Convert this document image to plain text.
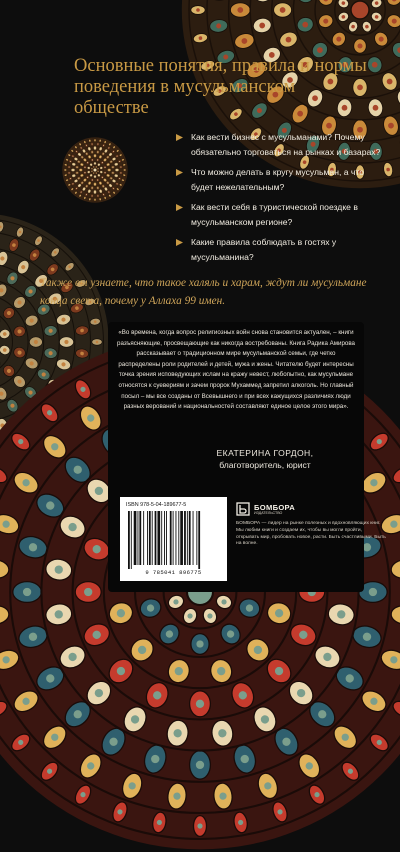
Основные понятия, правила и нормы поведения в мусульманском обществе
Как вести бизнес с мусульманами? Почему обязательно торговаться на рынках и базарах?
Что можно делать в кругу мусульман, а что будет нежелательным?
Как вести себя в туристической поездке в мусульманском регионе?
Какие правила соблюдать в гостях у мусульманина?
Также вы узнаете, что такое халяль и харам, ждут ли мусульмане конца света, почему у Аллаха 99 имен.

«Во времена, когда вопрос религиозных войн снова становится актуален, – книги разъясняющие, просвещающие как никогда востребованы. Книга Радика Амирова рассказывает о традиционном мире мусульманской семьи, где четко распределены роли родителей и детей, мужа и жены. Читателю будет интересны точка зрения исповедующих ислам на кражу невест, любопытно, как мусульмане относятся к суевериям и зачем пророк Мухаммед запретил алкоголь. Но главный посыл – мы все созданы от Всевышнего и при всех кажущихся различиях люди разных верований и национальностей составляют единое целое этого мира».

ЕКАТЕРИНА ГОРДОН,
благотворитель, юрист
ISBN 978-5-04-189677-5
9 785041 896775
БОМБОРА
ИЗДАТЕЛЬСТВО
БОМБОРА — лидер на рынке полезных и вдохновляющих книг. Мы любим книги и создаем их, чтобы вы могли пройти, открывать мир, пробовать новое, расти. Быть счастливыми. Быть на волне.
